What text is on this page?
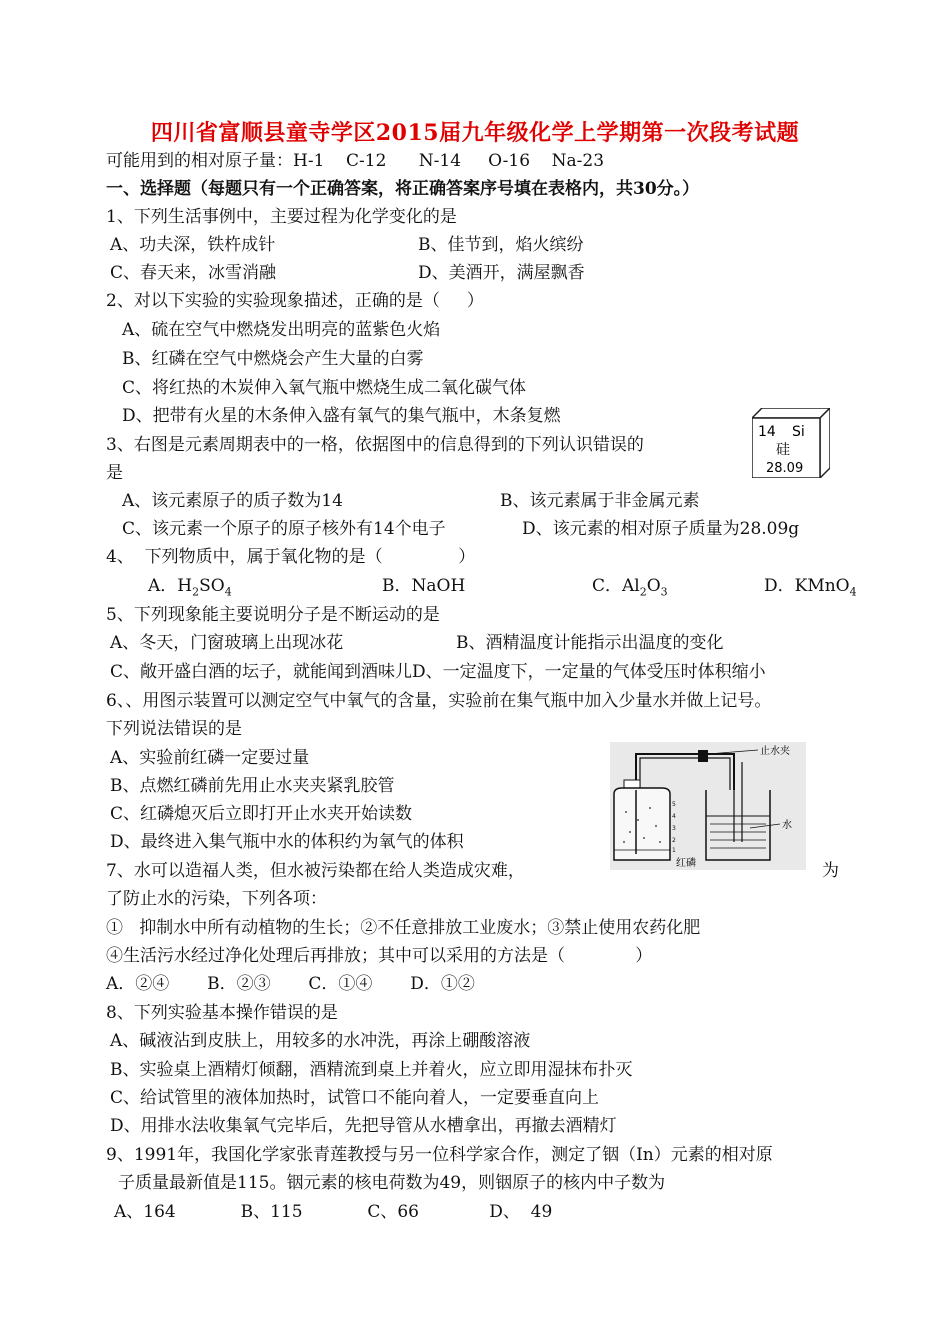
四川省富顺县童寺学区2015届九年级化学上学期第一次段考试题
可能用到的相对原子量：H-1    C-12      N-14     O-16    Na-23
一、选择题（每题只有一个正确答案，将正确答案序号填在表格内，共30分。）
1、下列生活事例中，主要过程为化学变化的是
A、功夫深，铁杵成针	B、佳节到，焰火缤纷
C、春天来，冰雪消融	D、美酒开，满屋飘香
2、对以下实验的实验现象描述，正确的是（     ）
A、硫在空气中燃烧发出明亮的蓝紫色火焰
B、红磷在空气中燃烧会产生大量的白雾
C、将红热的木炭伸入氧气瓶中燃烧生成二氧化碳气体
D、把带有火星的木条伸入盛有氧气的集气瓶中，木条复燃
3、右图是元素周期表中的一格，依据图中的信息得到的下列认识错误的
是
14 Si
硅
28.09
A、该元素原子的质子数为14	B、该元素属于非金属元素
C、该元素一个原子的原子核外有14个电子	D、该元素的相对原子质量为28.09g
4、  下列物质中，属于氧化物的是（              ）
A．$H_2SO_4$	B．NaOH	C．$Al_2O_3$	D．KMnO$_4$
5、下列现象能主要说明分子是不断运动的是
A、冬天，门窗玻璃上出现冰花	B、酒精温度计能指示出温度的变化
C、敞开盛白酒的坛子，就能闻到酒味儿D、一定温度下，一定量的气体受压时体积缩小
6、、用图示装置可以测定空气中氧气的含量，实验前在集气瓶中加入少量水并做上记号。
下列说法错误的是
A、实验前红磷一定要过量
B、点燃红磷前先用止水夹夹紧乳胶管
C、红磷熄灭后立即打开止水夹开始读数
D、最终进入集气瓶中水的体积约为氧气的体积
止水夹
5
4
3
2
1
红磷
水
7、水可以造福人类，但水被污染都在给人类造成灾难，	为
了防止水的污染，下列各项：
①   抑制水中所有动植物的生长；②不任意排放工业废水；③禁止使用农药化肥
④生活污水经过净化处理后再排放；其中可以采用的方法是（             ）
A．②④       B．②③       C．①④       D．①②
8、下列实验基本操作错误的是
A、碱液沾到皮肤上，用较多的水冲洗，再涂上硼酸溶液
B、实验桌上酒精灯倾翻，酒精流到桌上并着火，应立即用湿抹布扑灭
C、给试管里的液体加热时，试管口不能向着人，一定要垂直向上
D、用排水法收集氧气完毕后，先把导管从水槽拿出，再撤去酒精灯
9、1991年，我国化学家张青莲教授与另一位科学家合作，测定了铟（In）元素的相对原
子质量最新值是115。铟元素的核电荷数为49，则铟原子的核内中子数为
A、164            B、115            C、66             D、  49
